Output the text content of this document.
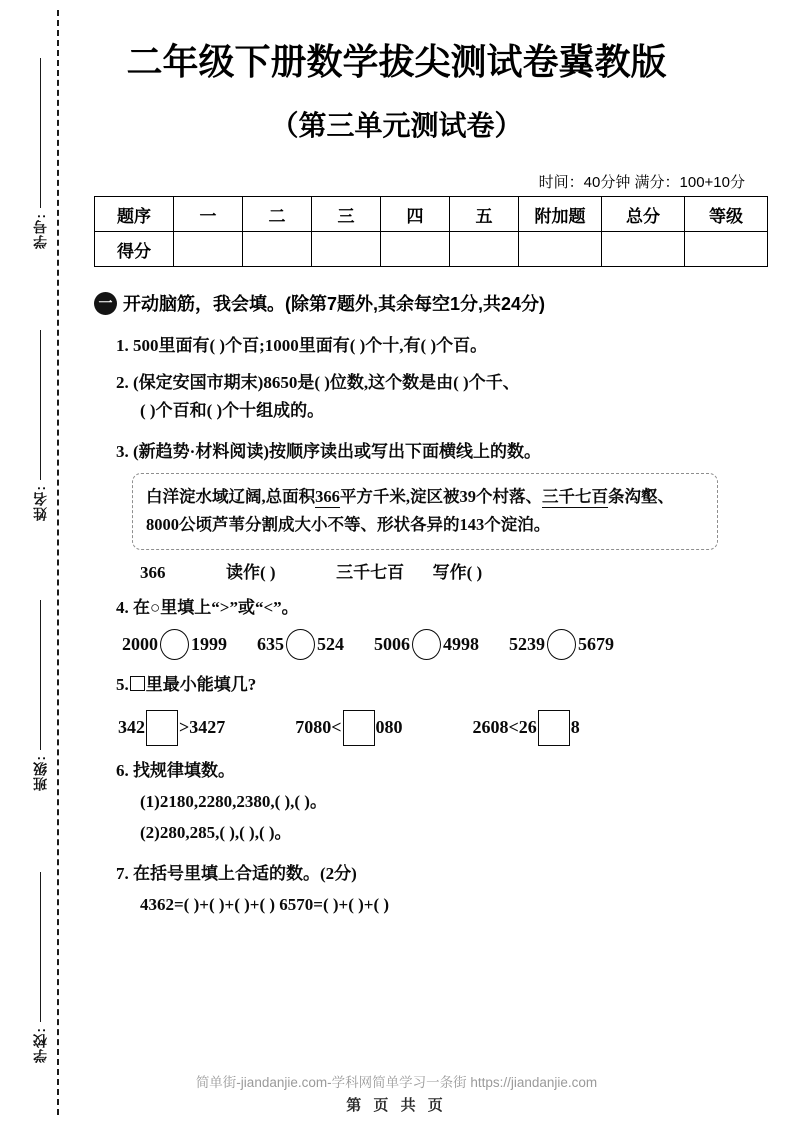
学号:
姓名:
班级:
学校:
二年级下册数学拔尖测试卷冀教版
（第三单元测试卷）
时间：40分钟 满分：100+10分
题序	一	二	三	四	五	附加题	总分	等级
得分								
一 开动脑筋，我会填。(除第7题外,其余每空1分,共24分)
1. 500里面有( )个百;1000里面有( )个十,有( )个百。
2. (保定安国市期末)8650是( )位数,这个数是由( )个千、
( )个百和( )个十组成的。
3. (新趋势·材料阅读)按顺序读出或写出下面横线上的数。
白洋淀水域辽阔,总面积366平方千米,淀区被39个村落、三千七百条沟壑、8000公顷芦苇分割成大小不等、形状各异的143个淀泊。
366	读作( )	三千七百 写作( )
4. 在○里填上“>”或“<”。
2000 1999 635 524 5006 4998 5239 5679
5. 里最小能填几?
342 >3427	7080< 080	2608<26 8
6. 找规律填数。
(1)2180,2280,2380,( ),( )。
(2)280,285,( ),( ),( )。
7. 在括号里填上合适的数。(2分)
4362=( )+( )+( )+( ) 6570=( )+( )+( )
简单街-jiandanjie.com-学科网简单学习一条街 https://jiandanjie.com
第 页 共 页
